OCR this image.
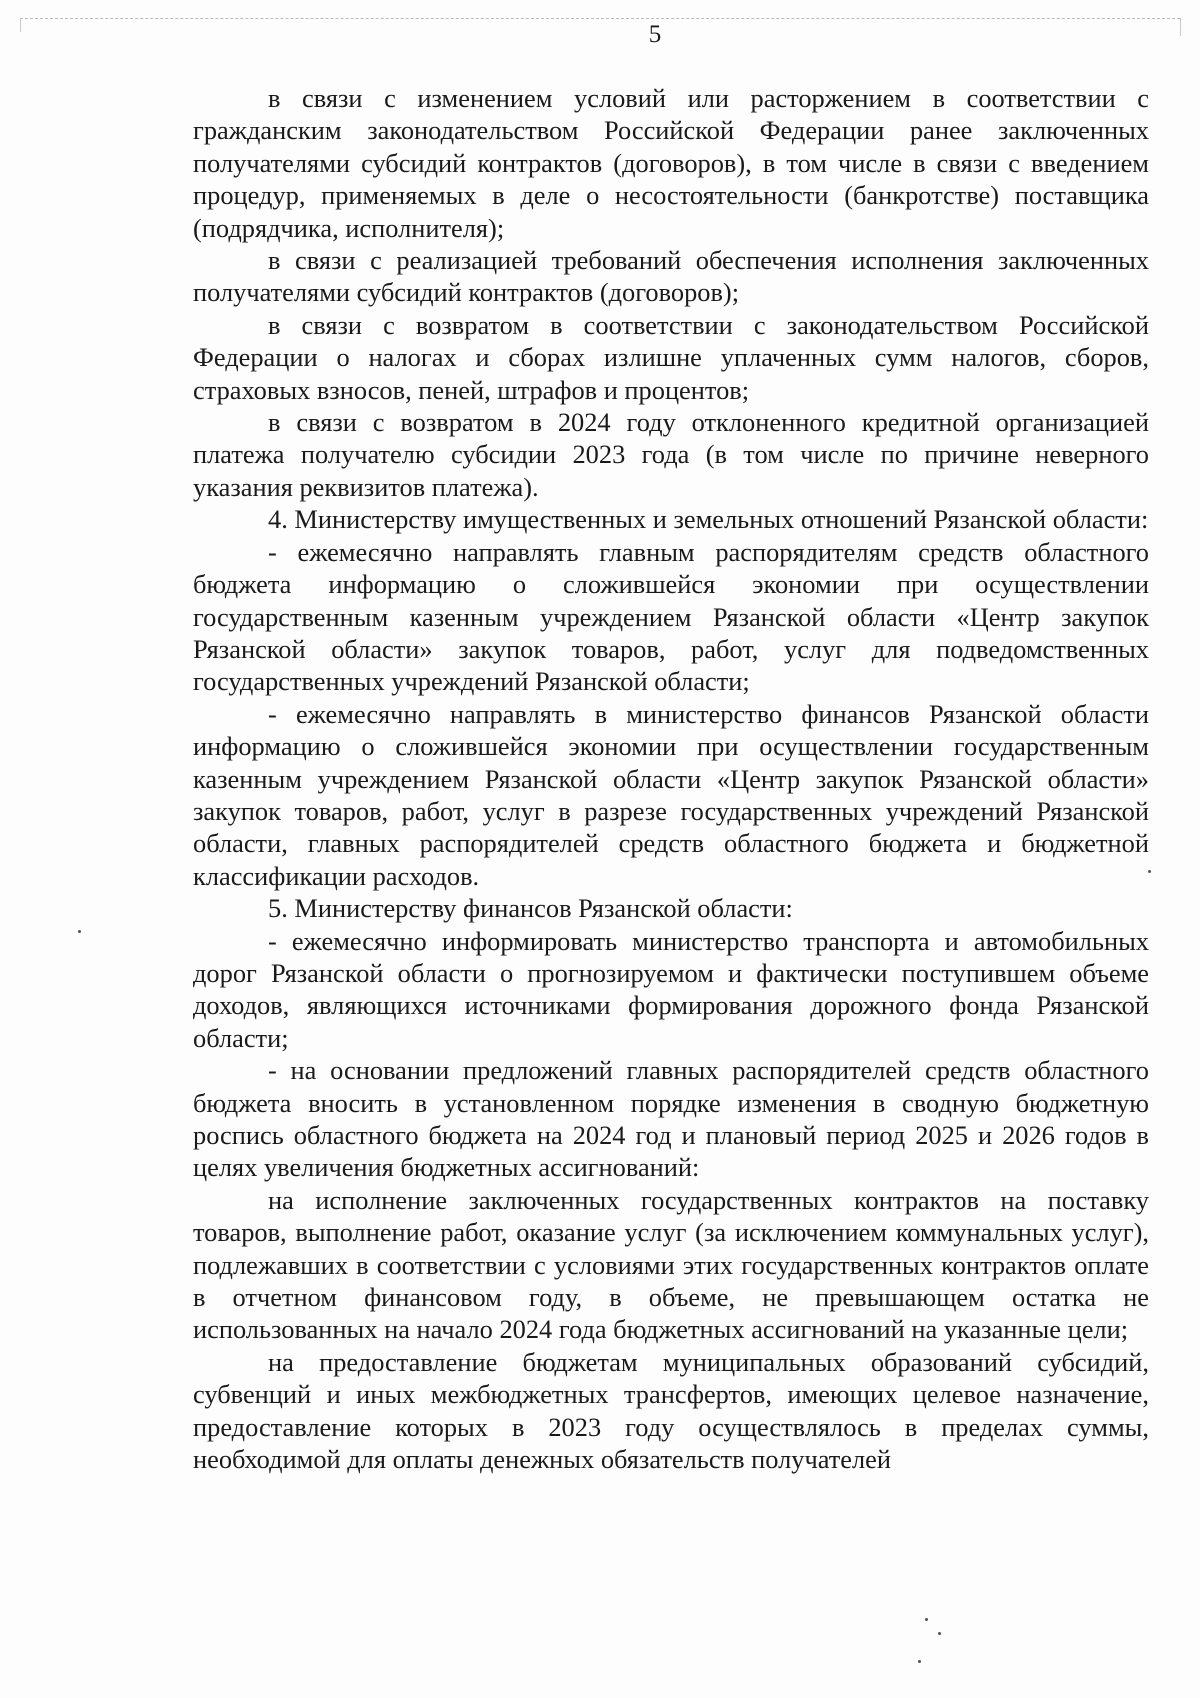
5

в связи с изменением условий или расторжением в соответствии с гражданским законодательством Российской Федерации ранее заключенных получателями субсидий контрактов (договоров), в том числе в связи с введением процедур, применяемых в деле о несостоятельности (банкротстве) поставщика (подрядчика, исполнителя);

в связи с реализацией требований обеспечения исполнения заключенных получателями субсидий контрактов (договоров);

в связи с возвратом в соответствии с законодательством Российской Федерации о налогах и сборах излишне уплаченных сумм налогов, сборов, страховых взносов, пеней, штрафов и процентов;

в связи с возвратом в 2024 году отклоненного кредитной организацией платежа получателю субсидии 2023 года (в том числе по причине неверного указания реквизитов платежа).

4. Министерству имущественных и земельных отношений Рязанской области:

- ежемесячно направлять главным распорядителям средств областного бюджета информацию о сложившейся экономии при осуществлении государственным казенным учреждением Рязанской области «Центр закупок Рязанской области» закупок товаров, работ, услуг для подведомственных государственных учреждений Рязанской области;

- ежемесячно направлять в министерство финансов Рязанской области информацию о сложившейся экономии при осуществлении государственным казенным учреждением Рязанской области «Центр закупок Рязанской области» закупок товаров, работ, услуг в разрезе государственных учреждений Рязанской области, главных распорядителей средств областного бюджета и бюджетной классификации расходов.

5. Министерству финансов Рязанской области:

- ежемесячно информировать министерство транспорта и автомобильных дорог Рязанской области о прогнозируемом и фактически поступившем объеме доходов, являющихся источниками формирования дорожного фонда Рязанской области;

- на основании предложений главных распорядителей средств областного бюджета вносить в установленном порядке изменения в сводную бюджетную роспись областного бюджета на 2024 год и плановый период 2025 и 2026 годов в целях увеличения бюджетных ассигнований:

на исполнение заключенных государственных контрактов на поставку товаров, выполнение работ, оказание услуг (за исключением коммунальных услуг), подлежавших в соответствии с условиями этих государственных контрактов оплате в отчетном финансовом году, в объеме, не превышающем остатка не использованных на начало 2024 года бюджетных ассигнований на указанные цели;

на предоставление бюджетам муниципальных образований субсидий, субвенций и иных межбюджетных трансфертов, имеющих целевое назначение, предоставление которых в 2023 году осуществлялось в пределах суммы, необходимой для оплаты денежных обязательств получателей
